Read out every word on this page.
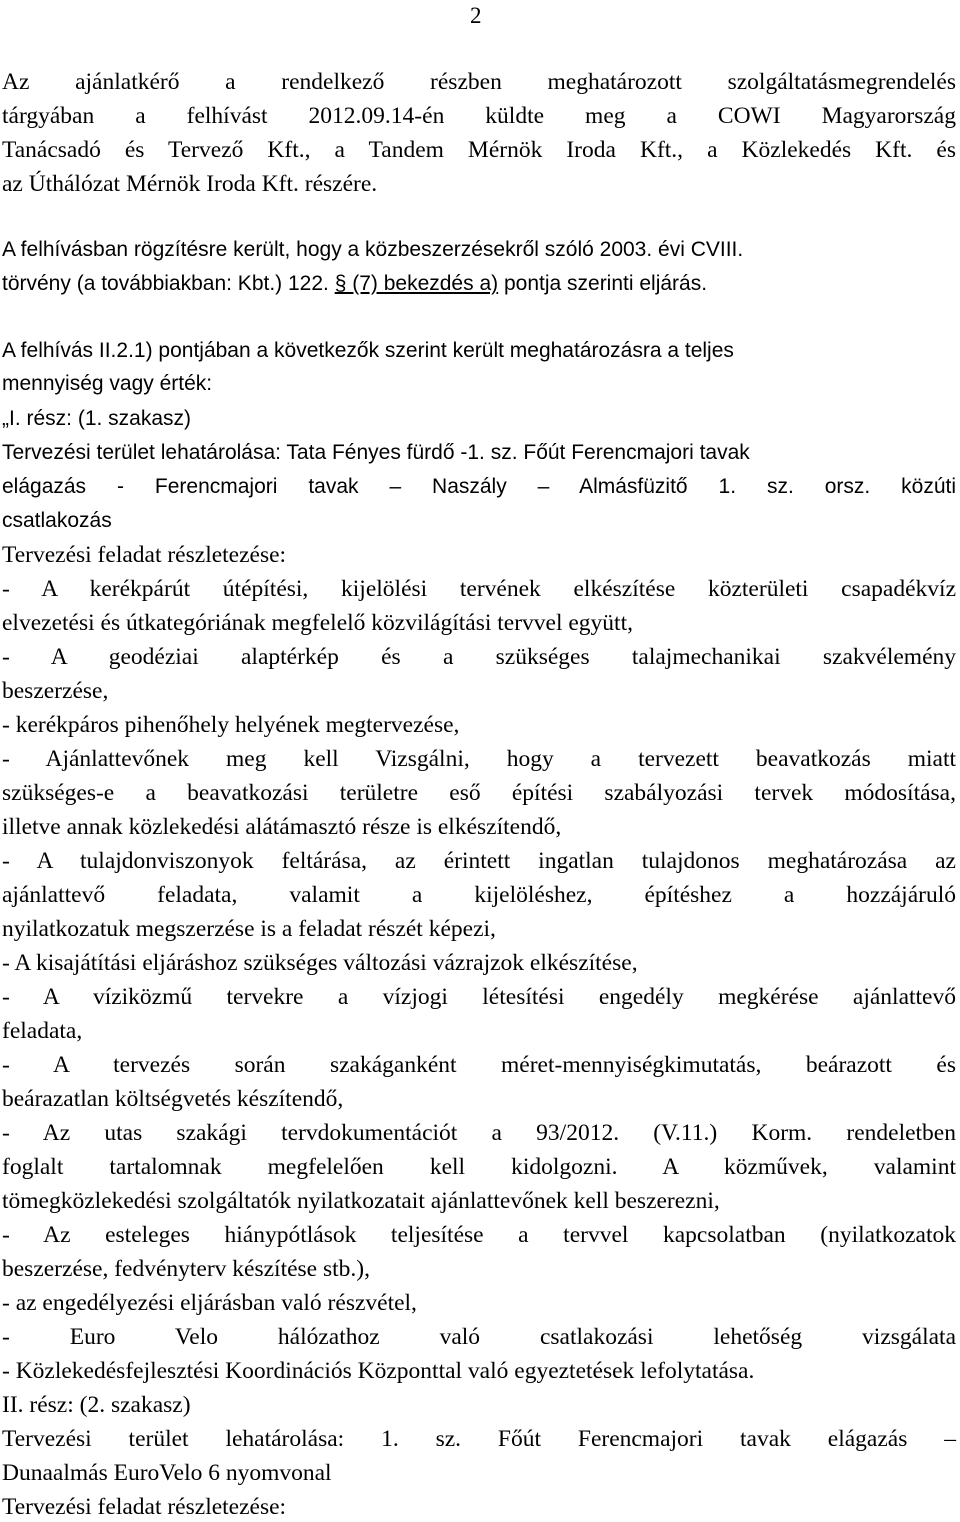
2
Az ajánlatkérő a rendelkező részben meghatározott szolgáltatásmegrendelés
tárgyában a felhívást 2012.09.14-én küldte meg a COWI Magyarország
Tanácsadó és Tervező Kft., a Tandem Mérnök Iroda Kft., a Közlekedés Kft. és
az Úthálózat Mérnök Iroda Kft. részére.
A felhívásban rögzítésre került, hogy a közbeszerzésekről szóló 2003. évi CVIII.
törvény (a továbbiakban: Kbt.) 122. § (7) bekezdés a) pontja szerinti eljárás.
A felhívás II.2.1) pontjában a következők szerint került meghatározásra a teljes
mennyiség vagy érték:
„I. rész: (1. szakasz)
Tervezési terület lehatárolása: Tata Fényes fürdő -1. sz. Főút Ferencmajori tavak
elágazás - Ferencmajori tavak – Naszály – Almásfüzitő 1. sz. orsz. közúti
csatlakozás
Tervezési feladat részletezése:
- A kerékpárút útépítési, kijelölési tervének elkészítése közterületi csapadékvíz
elvezetési és útkategóriának megfelelő közvilágítási tervvel együtt,
- A geodéziai alaptérkép és a szükséges talajmechanikai szakvélemény
beszerzése,
- kerékpáros pihenőhely helyének megtervezése,
- Ajánlattevőnek meg kell Vizsgálni, hogy a tervezett beavatkozás miatt
szükséges-e a beavatkozási területre eső építési szabályozási tervek módosítása,
illetve annak közlekedési alátámasztó része is elkészítendő,
- A tulajdonviszonyok feltárása, az érintett ingatlan tulajdonos meghatározása az
ajánlattevő feladata, valamit a kijelöléshez, építéshez a hozzájáruló
nyilatkozatuk megszerzése is a feladat részét képezi,
- A kisajátítási eljáráshoz szükséges változási vázrajzok elkészítése,
- A víziközmű tervekre a vízjogi létesítési engedély megkérése ajánlattevő
feladata,
- A tervezés során szakáganként méret-mennyiségkimutatás, beárazott és
beárazatlan költségvetés készítendő,
- Az utas szakági tervdokumentációt a 93/2012. (V.11.) Korm. rendeletben
foglalt tartalomnak megfelelően kell kidolgozni. A közművek, valamint
tömegközlekedési szolgáltatók nyilatkozatait ajánlattevőnek kell beszerezni,
- Az esteleges hiánypótlások teljesítése a tervvel kapcsolatban (nyilatkozatok
beszerzése, fedvényterv készítése stb.),
- az engedélyezési eljárásban való részvétel,
- Euro Velo hálózathoz való csatlakozási lehetőség vizsgálata
- Közlekedésfejlesztési Koordinációs Központtal való egyeztetések lefolytatása.
II. rész: (2. szakasz)
Tervezési terület lehatárolása: 1. sz. Főút Ferencmajori tavak elágazás –
Dunaalmás EuroVelo 6 nyomvonal
Tervezési feladat részletezése:
